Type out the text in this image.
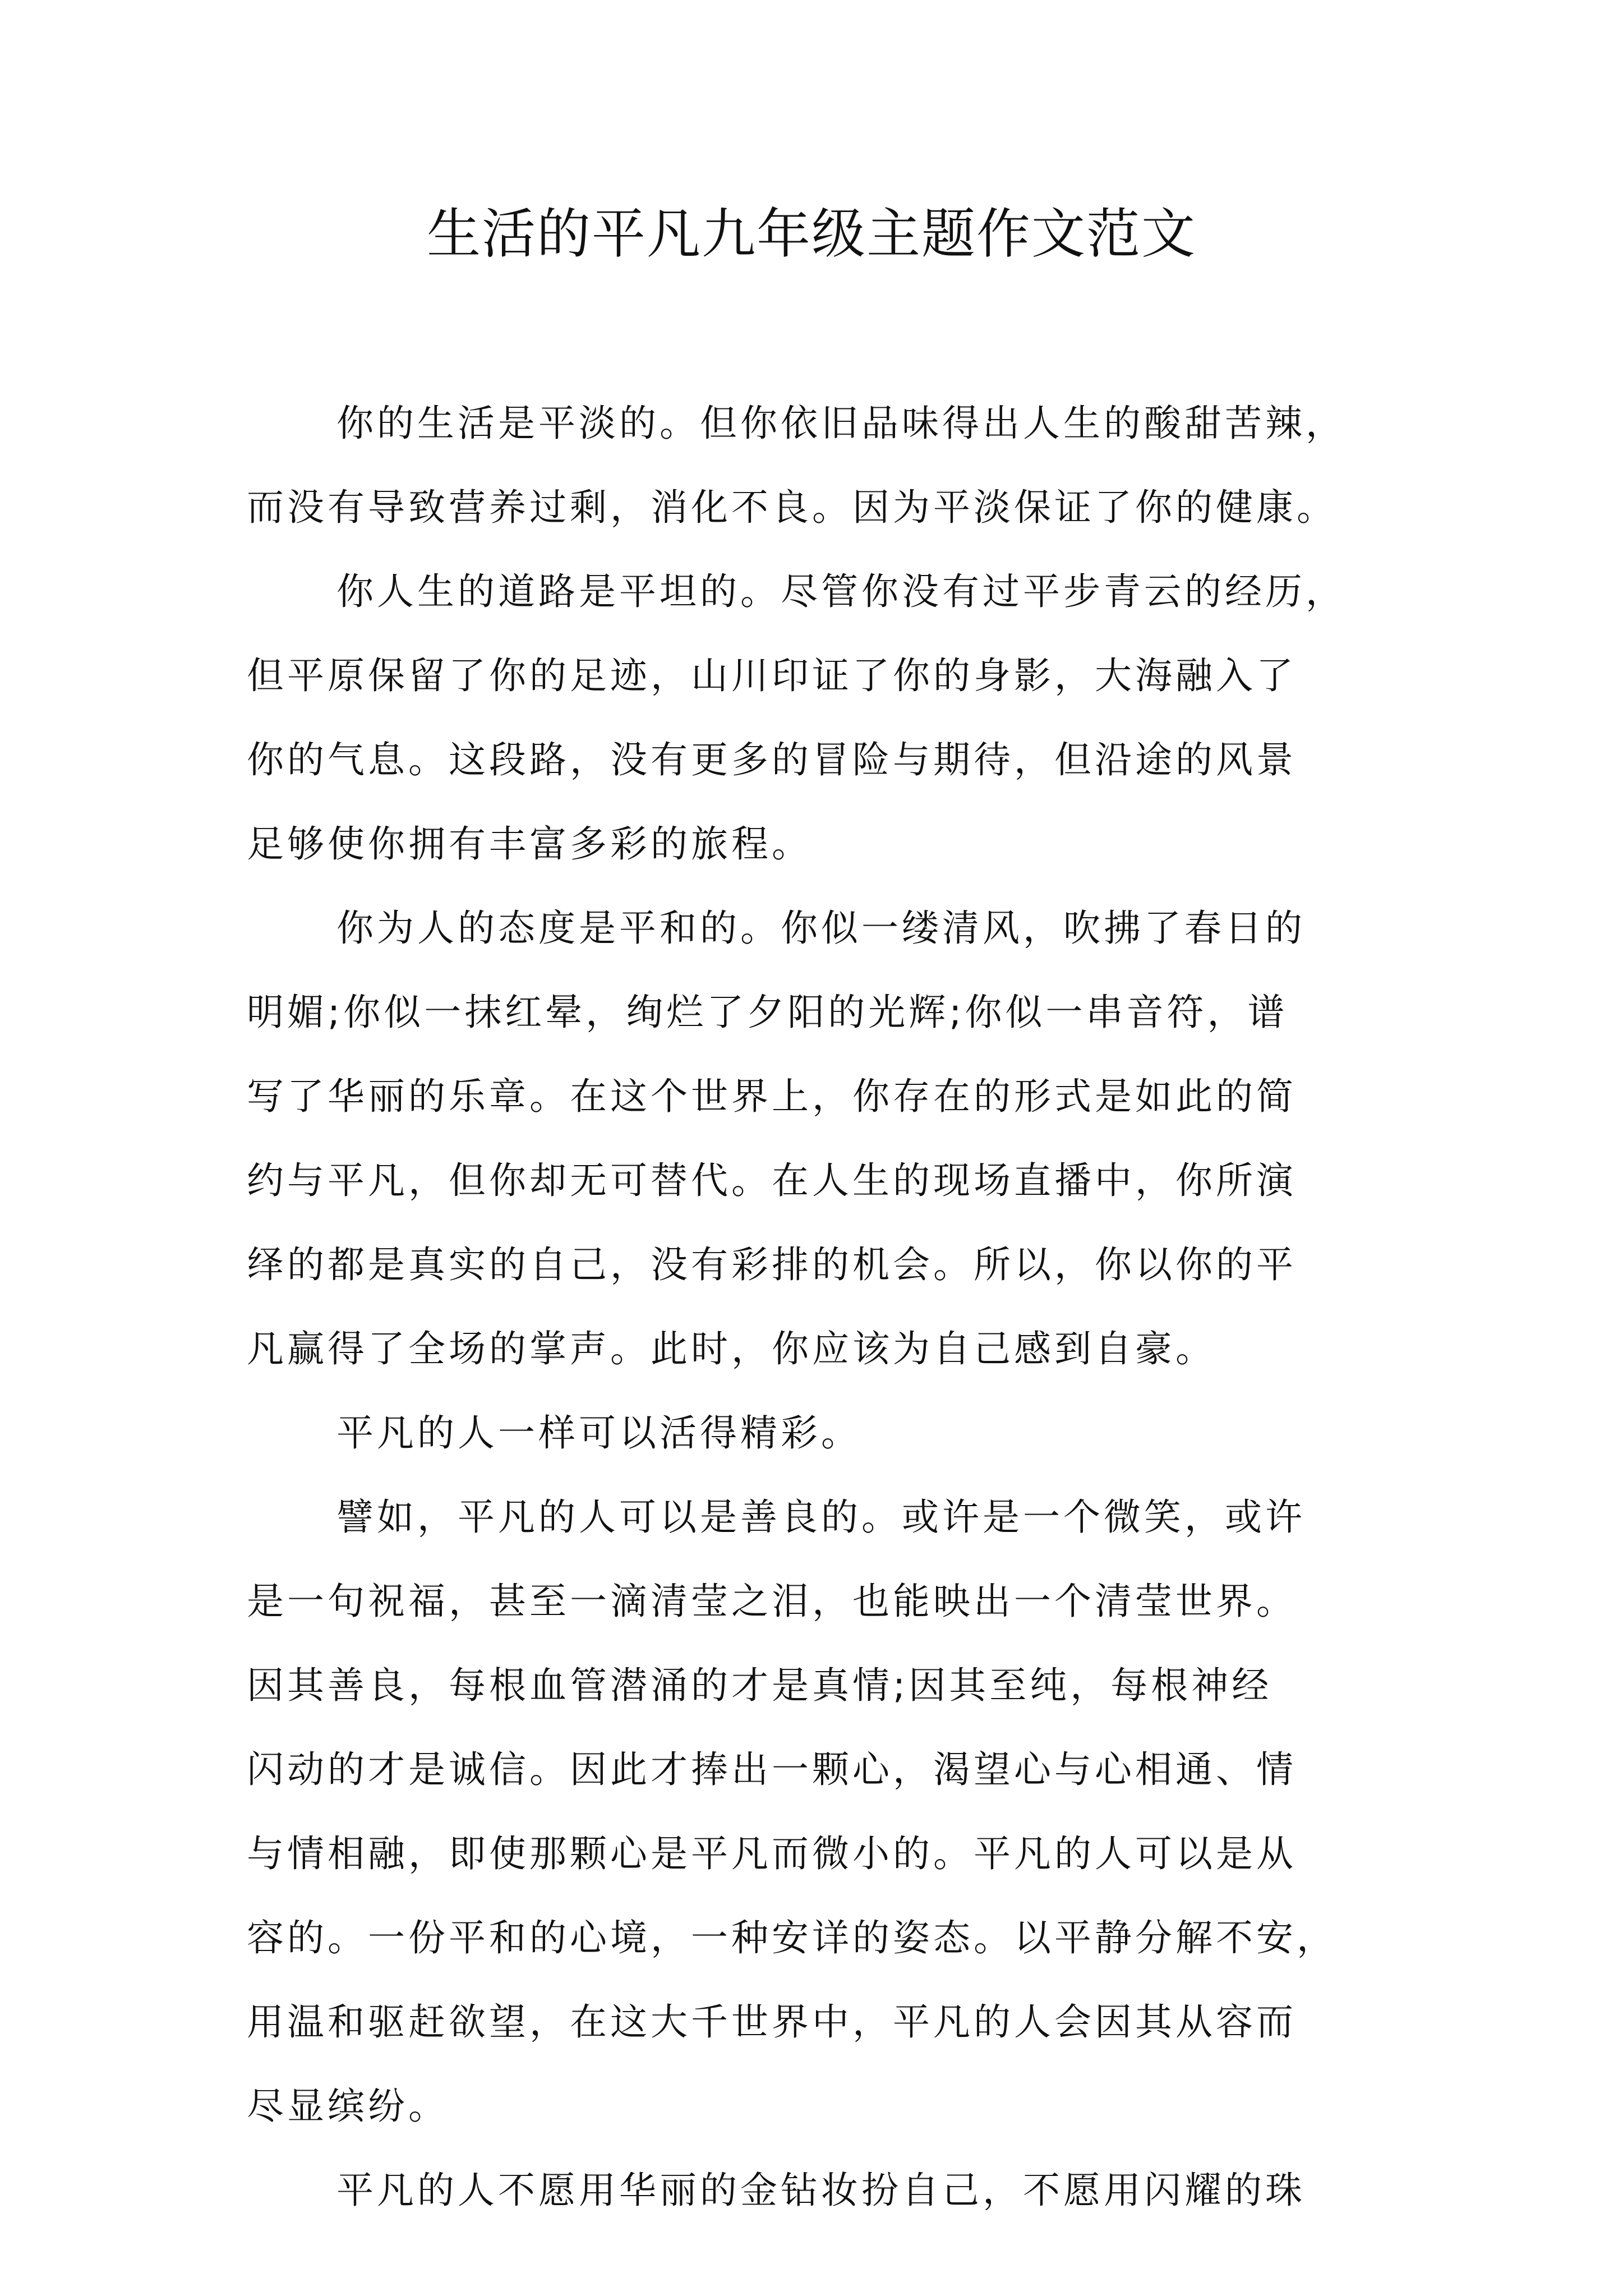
生活的平凡九年级主题作文范文
你的生活是平淡的。但你依旧品味得出人生的酸甜苦辣，
而没有导致营养过剩，消化不良。因为平淡保证了你的健康。
你人生的道路是平坦的。尽管你没有过平步青云的经历，
但平原保留了你的足迹，山川印证了你的身影，大海融入了
你的气息。这段路，没有更多的冒险与期待，但沿途的风景
足够使你拥有丰富多彩的旅程。
你为人的态度是平和的。你似一缕清风，吹拂了春日的
明媚;你似一抹红晕，绚烂了夕阳的光辉;你似一串音符，谱
写了华丽的乐章。在这个世界上，你存在的形式是如此的简
约与平凡，但你却无可替代。在人生的现场直播中，你所演
绎的都是真实的自己，没有彩排的机会。所以，你以你的平
凡赢得了全场的掌声。此时，你应该为自己感到自豪。
平凡的人一样可以活得精彩。
譬如，平凡的人可以是善良的。或许是一个微笑，或许
是一句祝福，甚至一滴清莹之泪，也能映出一个清莹世界。
因其善良，每根血管潜涌的才是真情;因其至纯，每根神经
闪动的才是诚信。因此才捧出一颗心，渴望心与心相通、情
与情相融，即使那颗心是平凡而微小的。平凡的人可以是从
容的。一份平和的心境，一种安详的姿态。以平静分解不安，
用温和驱赶欲望，在这大千世界中，平凡的人会因其从容而
尽显缤纷。
平凡的人不愿用华丽的金钻妆扮自己，不愿用闪耀的珠
